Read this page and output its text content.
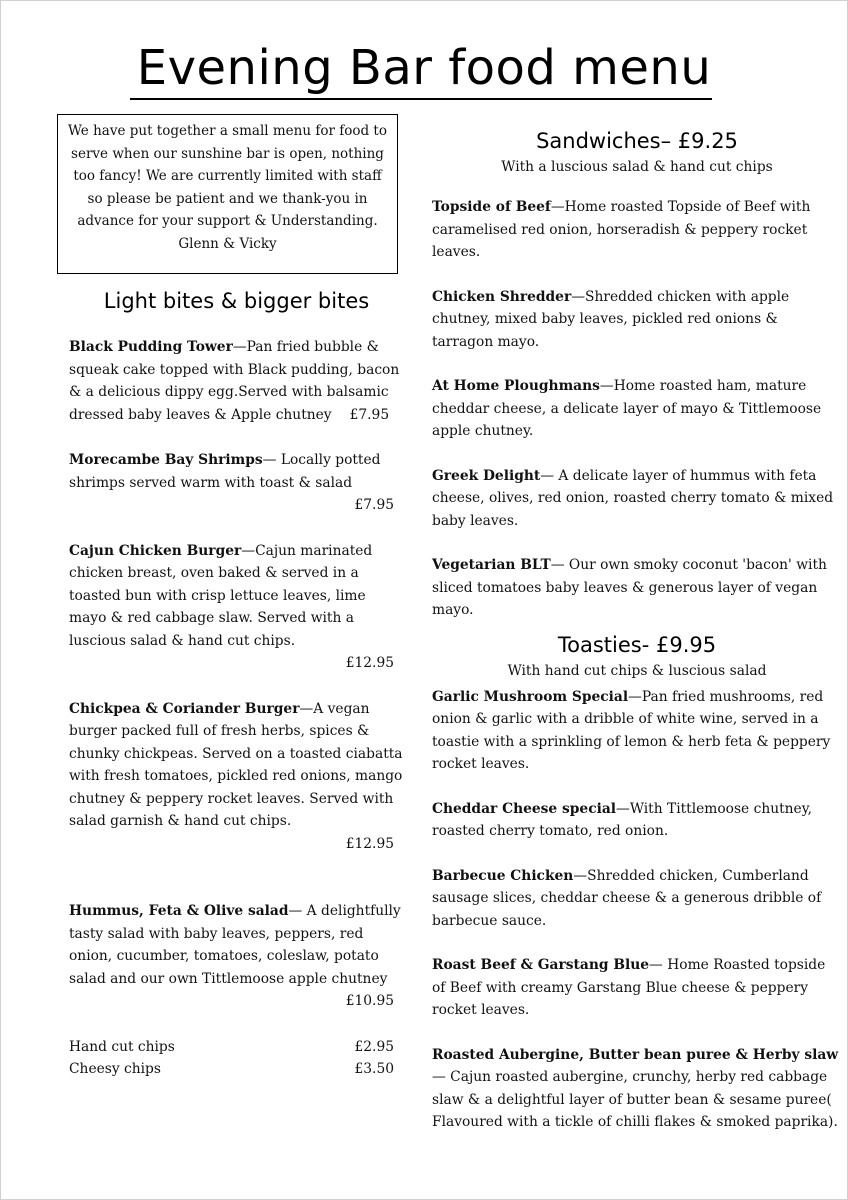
Evening Bar food menu
We have put together a small menu for food to serve when our sunshine bar is open, nothing too fancy! We are currently limited with staff so please be patient and we thank-you in advance for your support & Understanding. Glenn & Vicky
Light bites & bigger bites
Black Pudding Tower—Pan fried bubble & squeak cake topped with Black pudding, bacon & a delicious dippy egg.Served with balsamic dressed baby leaves & Apple chutney £7.95
Morecambe Bay Shrimps— Locally potted shrimps served warm with toast & salad
£7.95
Cajun Chicken Burger—Cajun marinated chicken breast, oven baked & served in a toasted bun with crisp lettuce leaves, lime mayo & red cabbage slaw. Served with a luscious salad & hand cut chips.
£12.95
Chickpea & Coriander Burger—A vegan burger packed full of fresh herbs, spices & chunky chickpeas. Served on a toasted ciabatta with fresh tomatoes, pickled red onions, mango chutney & peppery rocket leaves. Served with salad garnish & hand cut chips.
£12.95
Hummus, Feta & Olive salad— A delightfully tasty salad with baby leaves, peppers, red onion, cucumber, tomatoes, coleslaw, potato salad and our own Tittlemoose apple chutney
£10.95
Hand cut chips	£2.95
Cheesy chips	£3.50
Sandwiches– £9.25
With a luscious salad & hand cut chips
Topside of Beef—Home roasted Topside of Beef with caramelised red onion, horseradish & peppery rocket leaves.
Chicken Shredder—Shredded chicken with apple chutney, mixed baby leaves, pickled red onions & tarragon mayo.
At Home Ploughmans—Home roasted ham, mature cheddar cheese, a delicate layer of mayo & Tittlemoose apple chutney.
Greek Delight— A delicate layer of hummus with feta cheese, olives, red onion, roasted cherry tomato & mixed baby leaves.
Vegetarian BLT— Our own smoky coconut 'bacon' with sliced tomatoes baby leaves & generous layer of vegan mayo.
Toasties- £9.95
With hand cut chips & luscious salad
Garlic Mushroom Special—Pan fried mushrooms, red onion & garlic with a dribble of white wine, served in a toastie with a sprinkling of lemon & herb feta & peppery rocket leaves.
Cheddar Cheese special—With Tittlemoose chutney, roasted cherry tomato, red onion.
Barbecue Chicken—Shredded chicken, Cumberland sausage slices, cheddar cheese & a generous dribble of barbecue sauce.
Roast Beef & Garstang Blue— Home Roasted topside of Beef with creamy Garstang Blue cheese & peppery rocket leaves.
Roasted Aubergine, Butter bean puree & Herby slaw— Cajun roasted aubergine, crunchy, herby red cabbage slaw & a delightful layer of butter bean & sesame puree( Flavoured with a tickle of chilli flakes & smoked paprika).
